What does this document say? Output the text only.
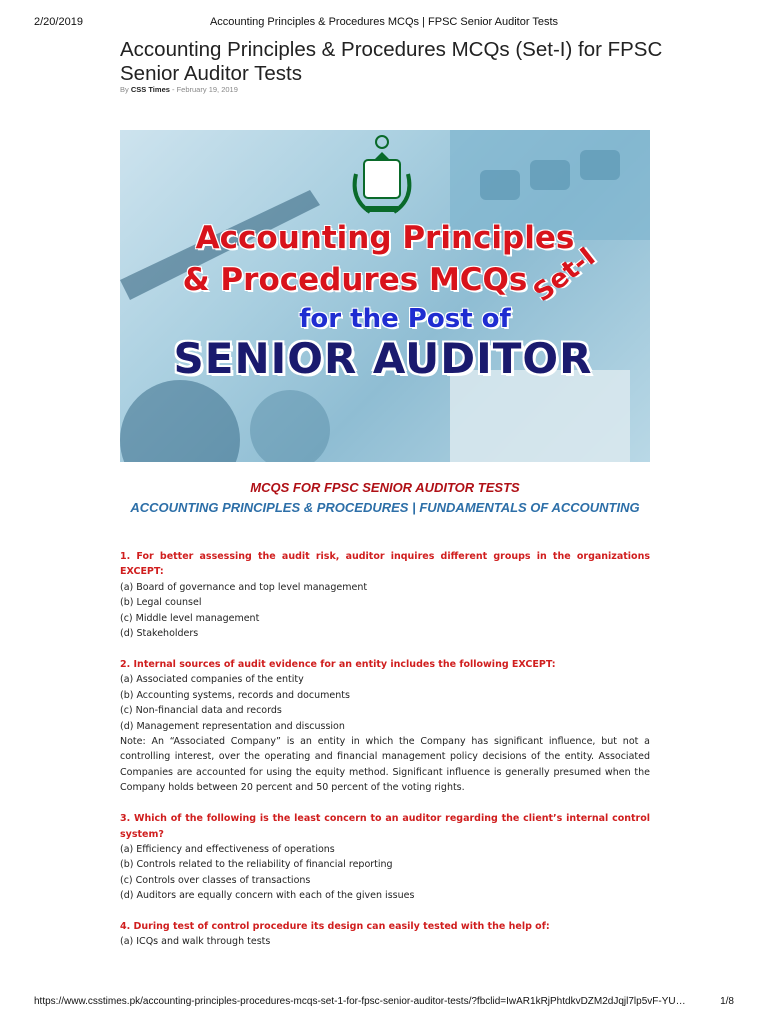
2/20/2019	Accounting Principles & Procedures MCQs | FPSC Senior Auditor Tests
Accounting Principles & Procedures MCQs (Set-I) for FPSC Senior Auditor Tests
By CSS Times - February 19, 2019
Accounting Principles
& Procedures MCQs Set-I
for the Post of
SENIOR AUDITOR
MCQS FOR FPSC SENIOR AUDITOR TESTS
ACCOUNTING PRINCIPLES & PROCEDURES | FUNDAMENTALS OF ACCOUNTING
1. For better assessing the audit risk, auditor inquires different groups in the organizations EXCEPT:
(a) Board of governance and top level management
(b) Legal counsel
(c) Middle level management
(d) Stakeholders
2. Internal sources of audit evidence for an entity includes the following EXCEPT:
(a) Associated companies of the entity
(b) Accounting systems, records and documents
(c) Non-financial data and records
(d) Management representation and discussion
Note: An “Associated Company” is an entity in which the Company has significant influence, but not a controlling interest, over the operating and financial management policy decisions of the entity. Associated Companies are accounted for using the equity method. Significant influence is generally presumed when the Company holds between 20 percent and 50 percent of the voting rights.
3. Which of the following is the least concern to an auditor regarding the client’s internal control system?
(a) Efficiency and effectiveness of operations
(b) Controls related to the reliability of financial reporting
(c) Controls over classes of transactions
(d) Auditors are equally concern with each of the given issues
4. During test of control procedure its design can easily tested with the help of:
(a) ICQs and walk through tests
https://www.csstimes.pk/accounting-principles-procedures-mcqs-set-1-for-fpsc-senior-auditor-tests/?fbclid=IwAR1kRjPhtdkvDZM2dJqjl7lp5vF-YU…	1/8
